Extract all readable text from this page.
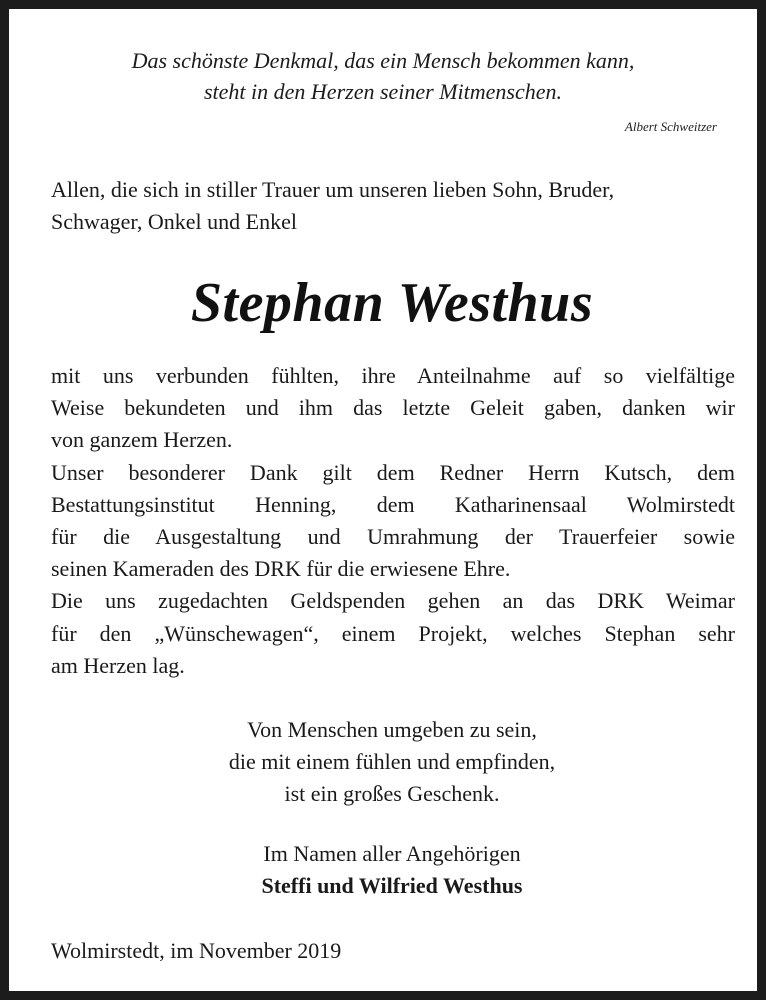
Das schönste Denkmal, das ein Mensch bekommen kann,
steht in den Herzen seiner Mitmenschen.
Albert Schweitzer
Allen, die sich in stiller Trauer um unseren lieben Sohn, Bruder,
Schwager, Onkel und Enkel
Stephan Westhus
mit uns verbunden fühlten, ihre Anteilnahme auf so vielfältige
Weise bekundeten und ihm das letzte Geleit gaben, danken wir
von ganzem Herzen.
Unser besonderer Dank gilt dem Redner Herrn Kutsch, dem
Bestattungsinstitut Henning, dem Katharinensaal Wolmirstedt
für die Ausgestaltung und Umrahmung der Trauerfeier sowie
seinen Kameraden des DRK für die erwiesene Ehre.
Die uns zugedachten Geldspenden gehen an das DRK Weimar
für den „Wünschewagen“, einem Projekt, welches Stephan sehr
am Herzen lag.
Von Menschen umgeben zu sein,
die mit einem fühlen und empfinden,
ist ein großes Geschenk.
Im Namen aller Angehörigen
Steffi und Wilfried Westhus
Wolmirstedt, im November 2019
